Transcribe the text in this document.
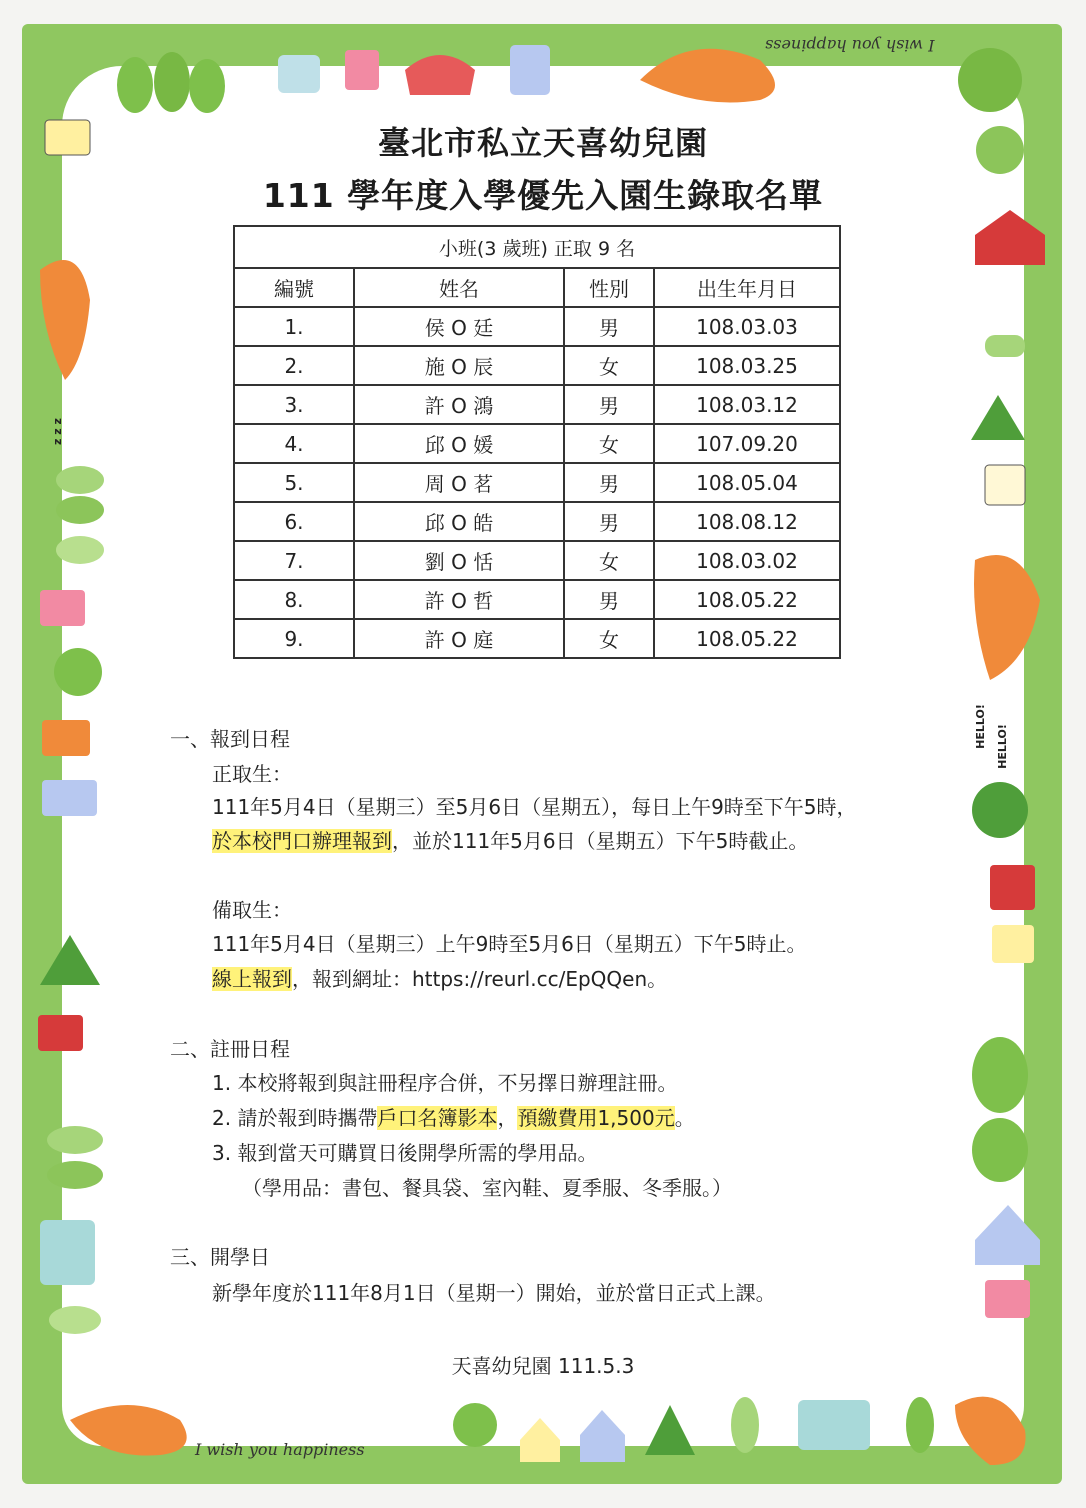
I wish you happiness
I wish you happiness
HELLO! HELLO!
z z z
臺北市私立天喜幼兒園
111 學年度入學優先入園生錄取名單
小班(3 歲班) 正取 9 名			
編號	姓名	性別	出生年月日
1.	侯 O 廷	男	108.03.03
2.	施 O 辰	女	108.03.25
3.	許 O 鴻	男	108.03.12
4.	邱 O 媛	女	107.09.20
5.	周 O 茗	男	108.05.04
6.	邱 O 皓	男	108.08.12
7.	劉 O 恬	女	108.03.02
8.	許 O 哲	男	108.05.22
9.	許 O 庭	女	108.05.22
一、報到日程
正取生：
111年5月4日（星期三）至5月6日（星期五），每日上午9時至下午5時，
於本校門口辦理報到，並於111年5月6日（星期五）下午5時截止。
備取生：
111年5月4日（星期三）上午9時至5月6日（星期五）下午5時止。
線上報到，報到網址：https://reurl.cc/EpQQen。
二、註冊日程
1. 本校將報到與註冊程序合併，不另擇日辦理註冊。
2. 請於報到時攜帶戶口名簿影本，預繳費用1,500元。
3. 報到當天可購買日後開學所需的學用品。
（學用品：書包、餐具袋、室內鞋、夏季服、冬季服。）
三、開學日
新學年度於111年8月1日（星期一）開始，並於當日正式上課。
天喜幼兒園 111.5.3
